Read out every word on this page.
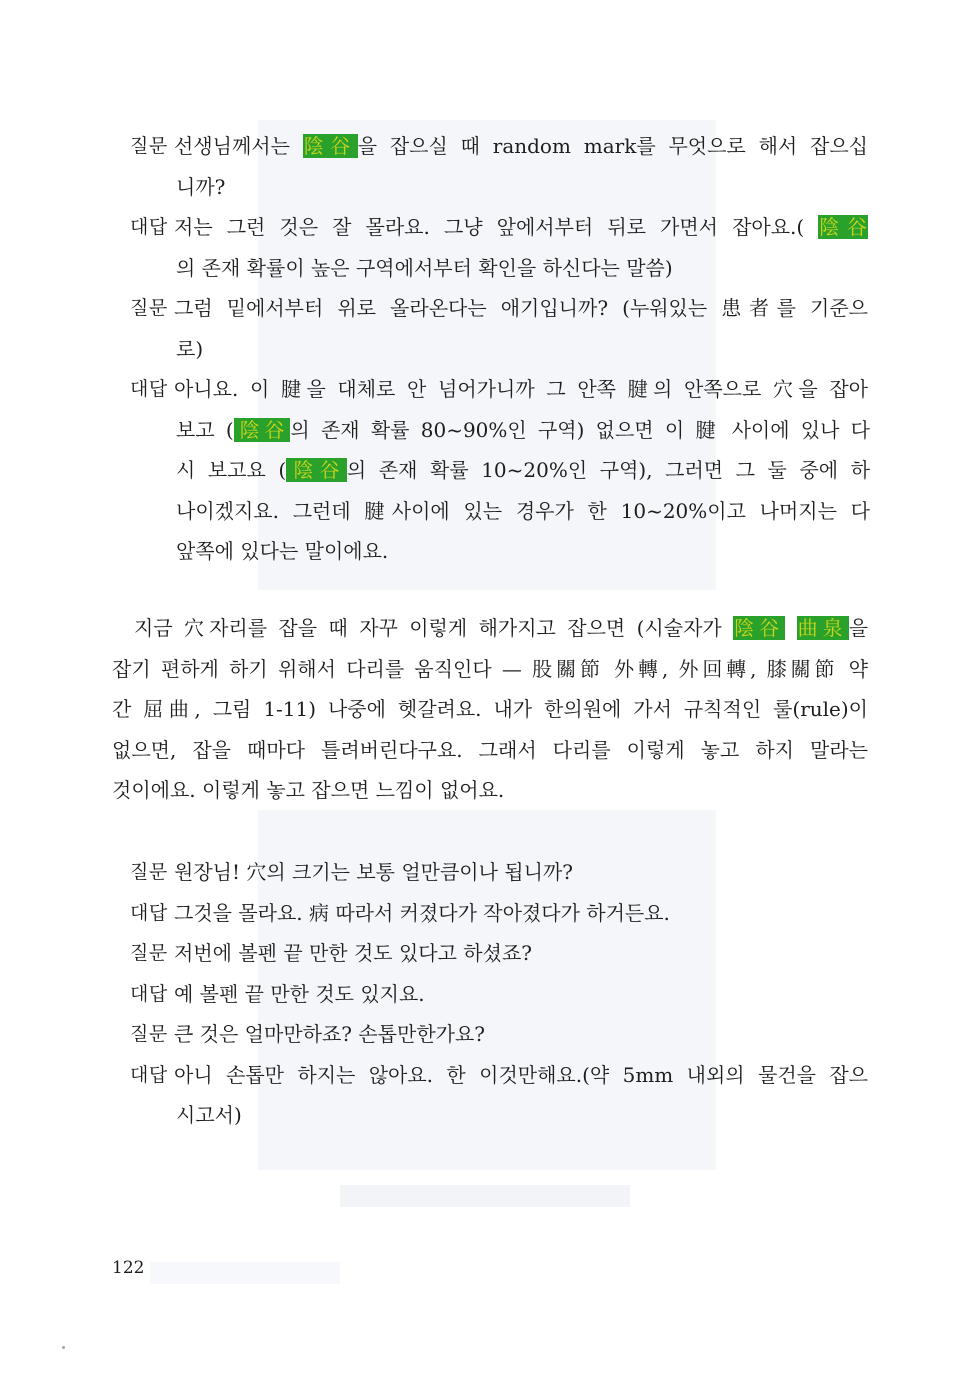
질문 선생님께서는 陰谷을 잡으실 때 random mark를 무엇으로 해서 잡으십
니까?
대답 저는 그런 것은 잘 몰라요. 그냥 앞에서부터 뒤로 가면서 잡아요.( 陰谷
의 존재 확률이 높은 구역에서부터 확인을 하신다는 말씀)
질문 그럼 밑에서부터 위로 올라온다는 애기입니까? (누워있는 患者를 기준으
로)
대답 아니요. 이 腱을 대체로 안 넘어가니까 그 안쪽 腱의 안쪽으로 穴을 잡아
보고 (陰谷의 존재 확률 80~90%인 구역) 없으면 이 腱 사이에 있나 다
시 보고요 (陰谷의 존재 확률 10~20%인 구역), 그러면 그 둘 중에 하
나이겠지요. 그런데 腱사이에 있는 경우가 한 10~20%이고 나머지는 다
앞쪽에 있다는 말이에요.
지금 穴자리를 잡을 때 자꾸 이렇게 해가지고 잡으면 (시술자가 陰谷 曲泉을
잡기 편하게 하기 위해서 다리를 움직인다 — 股關節 外轉, 外回轉, 膝關節 약
간 屈曲, 그림 1-11) 나중에 헷갈려요. 내가 한의원에 가서 규칙적인 룰(rule)이
없으면, 잡을 때마다 틀려버린다구요. 그래서 다리를 이렇게 놓고 하지 말라는
것이에요. 이렇게 놓고 잡으면 느낌이 없어요.
질문 원장님! 穴의 크기는 보통 얼만큼이나 됩니까?
대답 그것을 몰라요. 病 따라서 커졌다가 작아졌다가 하거든요.
질문 저번에 볼펜 끝 만한 것도 있다고 하셨죠?
대답 예 볼펜 끝 만한 것도 있지요.
질문 큰 것은 얼마만하죠? 손톱만한가요?
대답 아니 손톱만 하지는 않아요. 한 이것만해요.(약 5mm 내외의 물건을 잡으
시고서)
122
